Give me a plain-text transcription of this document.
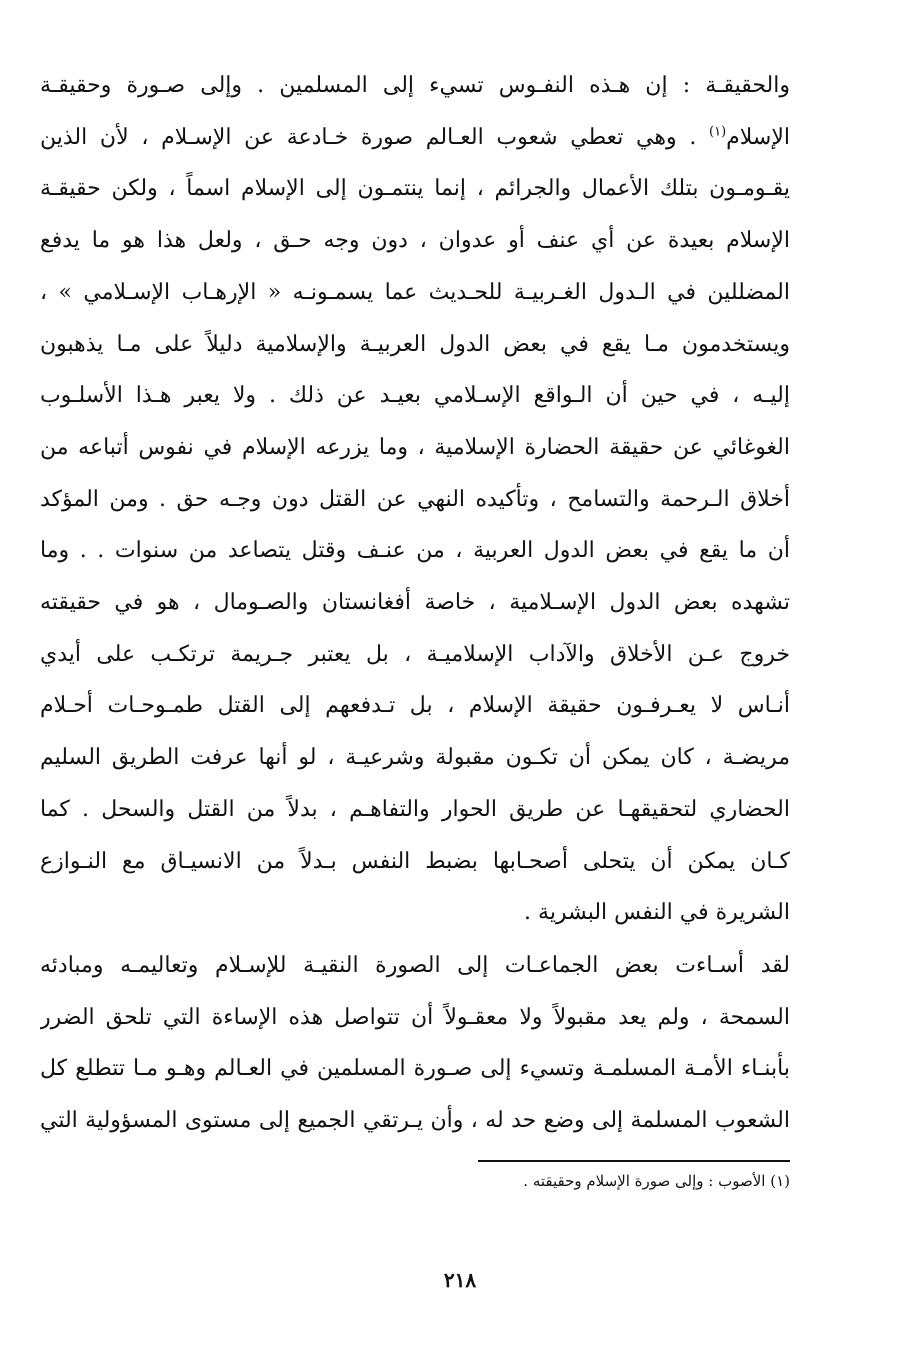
والحقيقـة : إن هـذه النفـوس تسيء إلى المسلمين . وإلى صـورة وحقيقـة
الإسلام$^{(١)}$ . وهي تعطي شعوب العـالم صورة خـادعة عن الإسـلام ، لأن الذين
يقـومـون بتلك الأعمال والجرائم ، إنما ينتمـون إلى الإسلام اسماً ، ولكن حقيقـة
الإسلام بعيدة عن أي عنف أو عدوان ، دون وجه حـق ، ولعل هذا هو ما يدفع
المضللين في الـدول الغـربيـة للحـديث عما يسمـونـه « الإرهـاب الإسـلامي » ،
ويستخدمون مـا يقع في بعض الدول العربيـة والإسلامية دليلاً على مـا يذهبون
إليـه ، في حين أن الـواقع الإسـلامي بعيـد عن ذلك . ولا يعبر هـذا الأسلـوب
الغوغائي عن حقيقة الحضارة الإسلامية ، وما يزرعه الإسلام في نفوس أتباعه من
أخلاق الـرحمة والتسامح ، وتأكيده النهي عن القتل دون وجـه حق . ومن المؤكد
أن ما يقع في بعض الدول العربية ، من عنـف وقتل يتصاعد من سنوات . . وما
تشهده بعض الدول الإسـلامية ، خاصة أفغانستان والصـومال ، هو في حقيقته
خروج عـن الأخلاق والآداب الإسلاميـة ، بل يعتبر جـريمة ترتكـب على أيدي
أنـاس لا يعـرفـون حقيقة الإسلام ، بل تـدفعهم إلى القتل طمـوحـات أحـلام
مريضـة ، كان يمكن أن تكـون مقبولة وشرعيـة ، لو أنها عرفت الطريق السليم
الحضاري لتحقيقهـا عن طريق الحوار والتفاهـم ، بدلاً من القتل والسحل . كما
كـان يمكن أن يتحلى أصحـابها بضبط النفس بـدلاً من الانسيـاق مع النـوازع
الشريرة في النفس البشرية .
لقد أسـاءت بعض الجماعـات إلى الصورة النقيـة للإسـلام وتعاليمـه ومبادئه
السمحة ، ولم يعد مقبولاً ولا معقـولاً أن تتواصل هذه الإساءة التي تلحق الضرر
بأبنـاء الأمـة المسلمـة وتسيء إلى صـورة المسلمين في العـالم وهـو مـا تتطلع كل
الشعوب المسلمة إلى وضع حد له ، وأن يـرتقي الجميع إلى مستوى المسؤولية التي
(١) الأصوب : وإلى صورة الإسلام وحقيقته .
٢١٨
